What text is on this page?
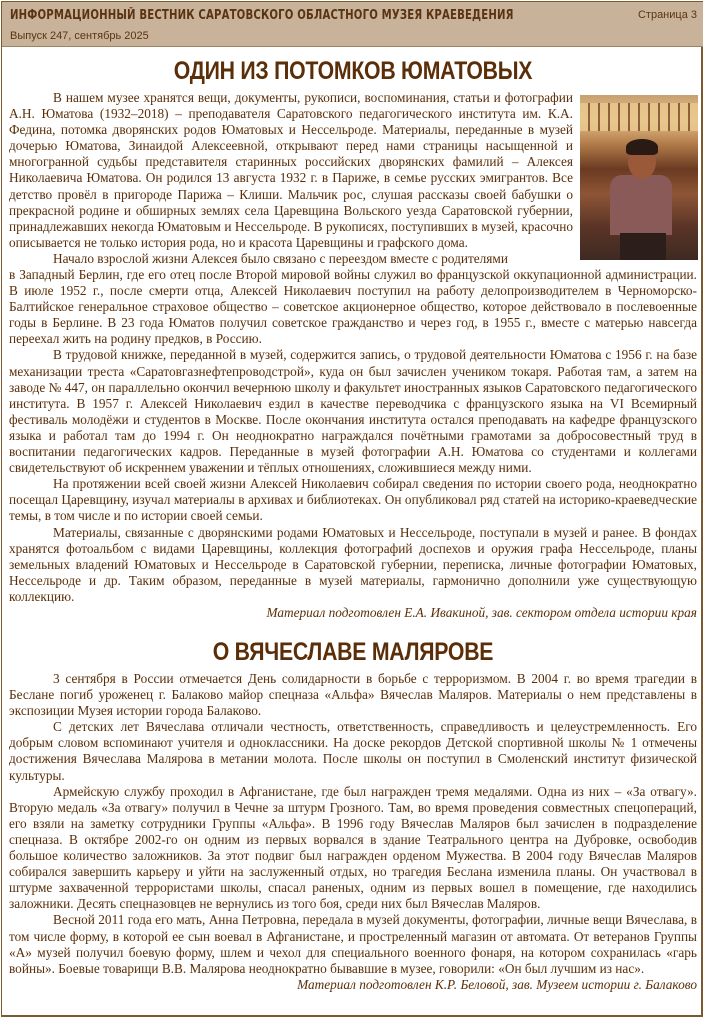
ИНФОРМАЦИОННЫЙ ВЕСТНИК САРАТОВСКОГО ОБЛАСТНОГО МУЗЕЯ КРАЕВЕДЕНИЯ
Выпуск 247, сентябрь 2025
Страница 3
ОДИН ИЗ ПОТОМКОВ ЮМАТОВЫХ

В нашем музее хранятся вещи, документы, рукописи, воспоминания, статьи и фотографии А.Н. Юматова (1932–2018) – преподавателя Саратовского педагогического института им. К.А. Федина, потомка дворянских родов Юматовых и Нессельроде. Материалы, переданные в музей дочерью Юматова, Зинаидой Алексеевной, открывают перед нами страницы насыщенной и многогранной судьбы представителя старинных российских дворянских фамилий – Алексея Николаевича Юматова. Он родился 13 августа 1932 г. в Париже, в семье русских эмигрантов. Все детство провёл в пригороде Парижа – Клиши. Мальчик рос, слушая рассказы своей бабушки о прекрасной родине и обширных землях села Царевщина Вольского уезда Саратовской губернии, принадлежавших некогда Юматовым и Нессельроде. В рукописях, поступивших в музей, красочно описывается не только история рода, но и красота Царевщины и графского дома.

Начало взрослой жизни Алексея было связано с переездом вместе с родителями

в Западный Берлин, где его отец после Второй мировой войны служил во французской оккупационной администрации. В июле 1952 г., после смерти отца, Алексей Николаевич поступил на работу делопроизводителем в Черноморско-Балтийское генеральное страховое общество – советское акционерное общество, которое действовало в послевоенные годы в Берлине. В 23 года Юматов получил советское гражданство и через год, в 1955 г., вместе с матерью навсегда переехал жить на родину предков, в Россию.

В трудовой книжке, переданной в музей, содержится запись, о трудовой деятельности Юматова с 1956 г. на базе механизации треста «Саратовгазнефтепроводстрой», куда он был зачислен учеником токаря. Работая там, а затем на заводе № 447, он параллельно окончил вечернюю школу и факультет иностранных языков Саратовского педагогического института. В 1957 г. Алексей Николаевич ездил в качестве переводчика с французского языка на VI Всемирный фестиваль молодёжи и студентов в Москве. После окончания института остался преподавать на кафедре французского языка и работал там до 1994 г. Он неоднократно награждался почётными грамотами за добросовестный труд в воспитании педагогических кадров. Переданные в музей фотографии А.Н. Юматова со студентами и коллегами свидетельствуют об искреннем уважении и тёплых отношениях, сложившиеся между ними.

На протяжении всей своей жизни Алексей Николаевич собирал сведения по истории своего рода, неоднократно посещал Царевщину, изучал материалы в архивах и библиотеках. Он опубликовал ряд статей на историко-краеведческие темы, в том числе и по истории своей семьи.

Материалы, связанные с дворянскими родами Юматовых и Нессельроде, поступали в музей и ранее. В фондах хранятся фотоальбом с видами Царевщины, коллекция фотографий доспехов и оружия графа Нессельроде, планы земельных владений Юматовых и Нессельроде в Саратовской губернии, переписка, личные фотографии Юматовых, Нессельроде и др. Таким образом, переданные в музей материалы, гармонично дополнили уже существующую коллекцию.

Материал подготовлен Е.А. Ивакиной, зав. сектором отдела истории края
О ВЯЧЕСЛАВЕ МАЛЯРОВЕ

3 сентября в России отмечается День солидарности в борьбе с терроризмом. В 2004 г. во время трагедии в Беслане погиб уроженец г. Балаково майор спецназа «Альфа» Вячеслав Маляров. Материалы о нем представлены в экспозиции Музея истории города Балаково.

С детских лет Вячеслава отличали честность, ответственность, справедливость и целеустремленность. Его добрым словом вспоминают учителя и одноклассники. На доске рекордов Детской спортивной школы № 1 отмечены достижения Вячеслава Малярова в метании молота. После школы он поступил в Смоленский институт физической культуры.

Армейскую службу проходил в Афганистане, где был награжден тремя медалями. Одна из них – «За отвагу». Вторую медаль «За отвагу» получил в Чечне за штурм Грозного. Там, во время проведения совместных спецопераций, его взяли на заметку сотрудники Группы «Альфа». В 1996 году Вячеслав Маляров был зачислен в подразделение спецназа. В октябре 2002-го он одним из первых ворвался в здание Театрального центра на Дубровке, освободив большое количество заложников. За этот подвиг был награжден орденом Мужества. В 2004 году Вячеслав Маляров собирался завершить карьеру и уйти на заслуженный отдых, но трагедия Беслана изменила планы. Он участвовал в штурме захваченной террористами школы, спасал раненых, одним из первых вошел в помещение, где находились заложники. Десять спецназовцев не вернулись из того боя, среди них был Вячеслав Маляров.

Весной 2011 года его мать, Анна Петровна, передала в музей документы, фотографии, личные вещи Вячеслава, в том числе форму, в которой ее сын воевал в Афганистане, и простреленный магазин от автомата. От ветеранов Группы «А» музей получил боевую форму, шлем и чехол для специального военного фонаря, на котором сохранилась «гарь войны». Боевые товарищи В.В. Малярова неоднократно бывавшие в музее, говорили: «Он был лучшим из нас».

Материал подготовлен К.Р. Беловой, зав. Музеем истории г. Балаково
